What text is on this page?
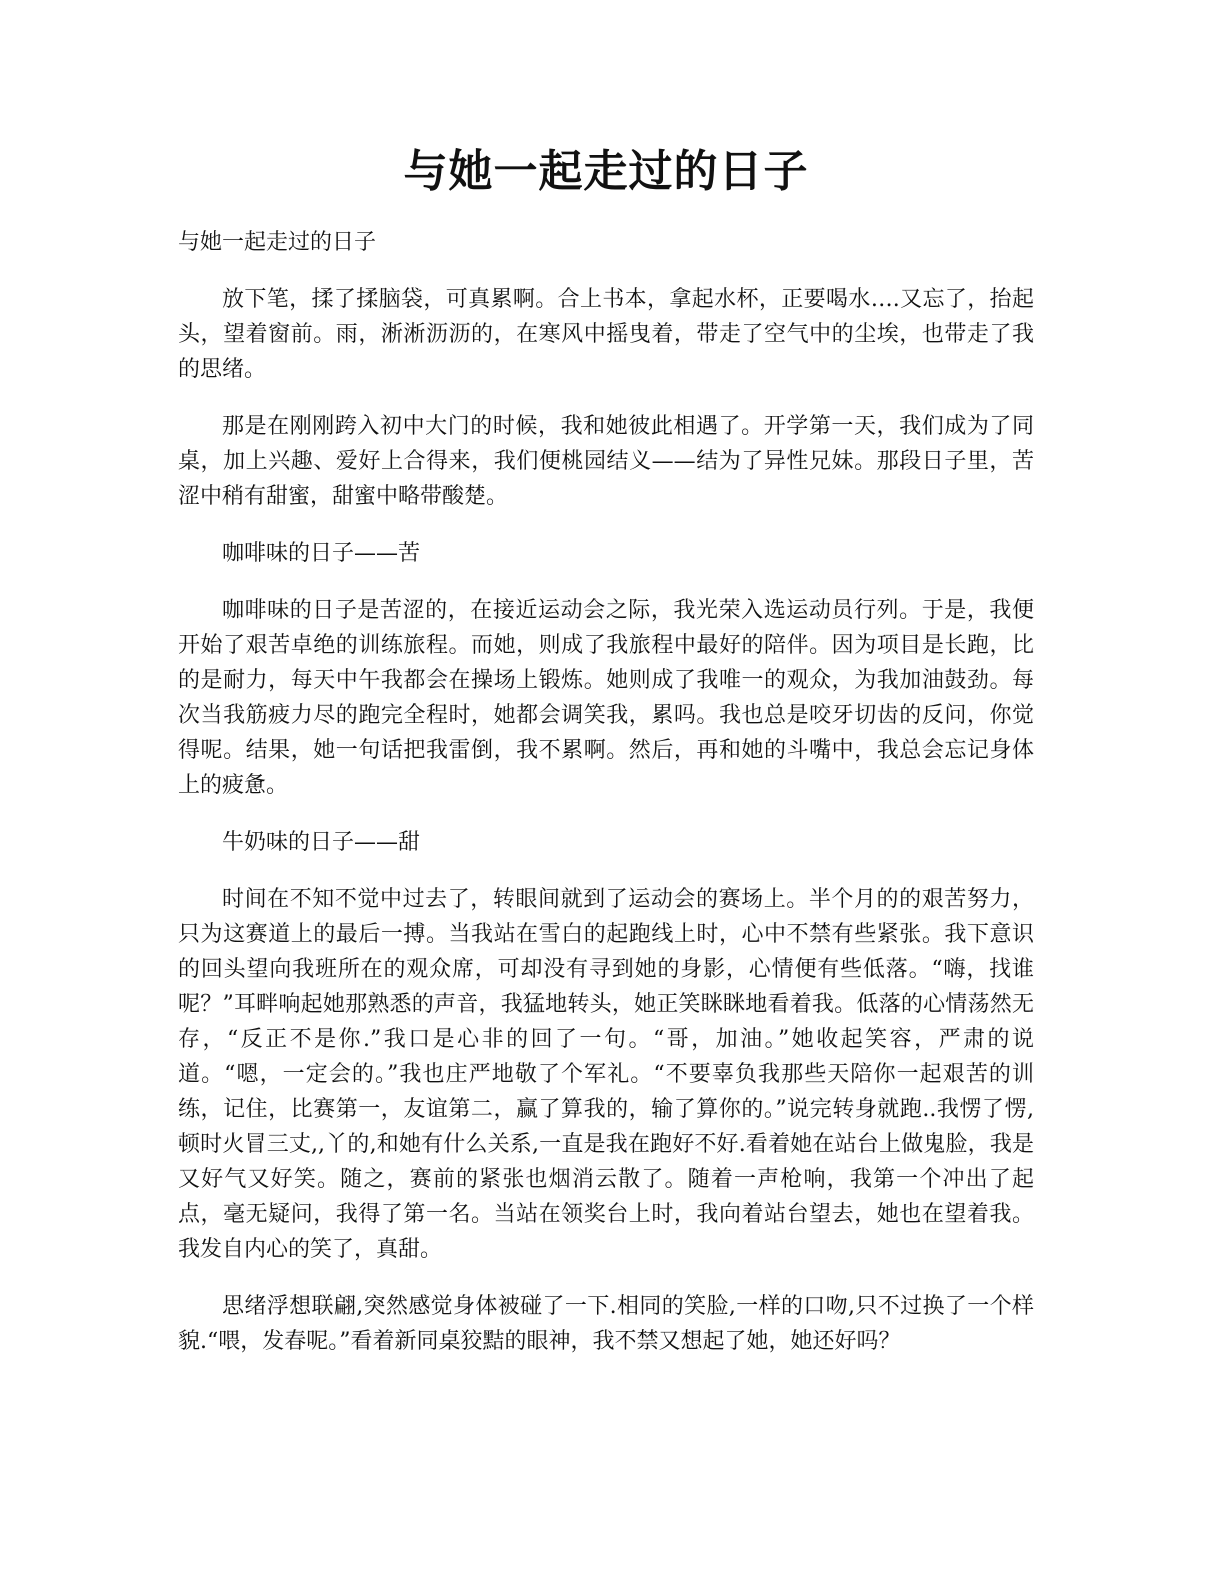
与她一起走过的日子

与她一起走过的日子

放下笔，揉了揉脑袋，可真累啊。合上书本，拿起水杯，正要喝水….又忘了，抬起头，望着窗前。雨，淅淅沥沥的，在寒风中摇曳着，带走了空气中的尘埃，也带走了我的思绪。

那是在刚刚跨入初中大门的时候，我和她彼此相遇了。开学第一天，我们成为了同桌，加上兴趣、爱好上合得来，我们便桃园结义——结为了异性兄妹。那段日子里，苦涩中稍有甜蜜，甜蜜中略带酸楚。

咖啡味的日子——苦

咖啡味的日子是苦涩的，在接近运动会之际，我光荣入选运动员行列。于是，我便开始了艰苦卓绝的训练旅程。而她，则成了我旅程中最好的陪伴。因为项目是长跑，比的是耐力，每天中午我都会在操场上锻炼。她则成了我唯一的观众，为我加油鼓劲。每次当我筋疲力尽的跑完全程时，她都会调笑我，累吗。我也总是咬牙切齿的反问，你觉得呢。结果，她一句话把我雷倒，我不累啊。然后，再和她的斗嘴中，我总会忘记身体上的疲惫。

牛奶味的日子——甜

时间在不知不觉中过去了，转眼间就到了运动会的赛场上。半个月的的艰苦努力，只为这赛道上的最后一搏。当我站在雪白的起跑线上时，心中不禁有些紧张。我下意识的回头望向我班所在的观众席，可却没有寻到她的身影，心情便有些低落。“嗨，找谁呢？”耳畔响起她那熟悉的声音，我猛地转头，她正笑眯眯地看着我。低落的心情荡然无存，“反正不是你.”我口是心非的回了一句。“哥，加油。”她收起笑容，严肃的说道。“嗯，一定会的。”我也庄严地敬了个军礼。“不要辜负我那些天陪你一起艰苦的训练，记住，比赛第一，友谊第二，赢了算我的，输了算你的。”说完转身就跑..我愣了愣,顿时火冒三丈,,丫的,和她有什么关系,一直是我在跑好不好.看着她在站台上做鬼脸，我是又好气又好笑。随之，赛前的紧张也烟消云散了。随着一声枪响，我第一个冲出了起点，毫无疑问，我得了第一名。当站在领奖台上时，我向着站台望去，她也在望着我。我发自内心的笑了，真甜。

思绪浮想联翩,突然感觉身体被碰了一下.相同的笑脸,一样的口吻,只不过换了一个样貌.“喂，发春呢。”看着新同桌狡黠的眼神，我不禁又想起了她，她还好吗？
